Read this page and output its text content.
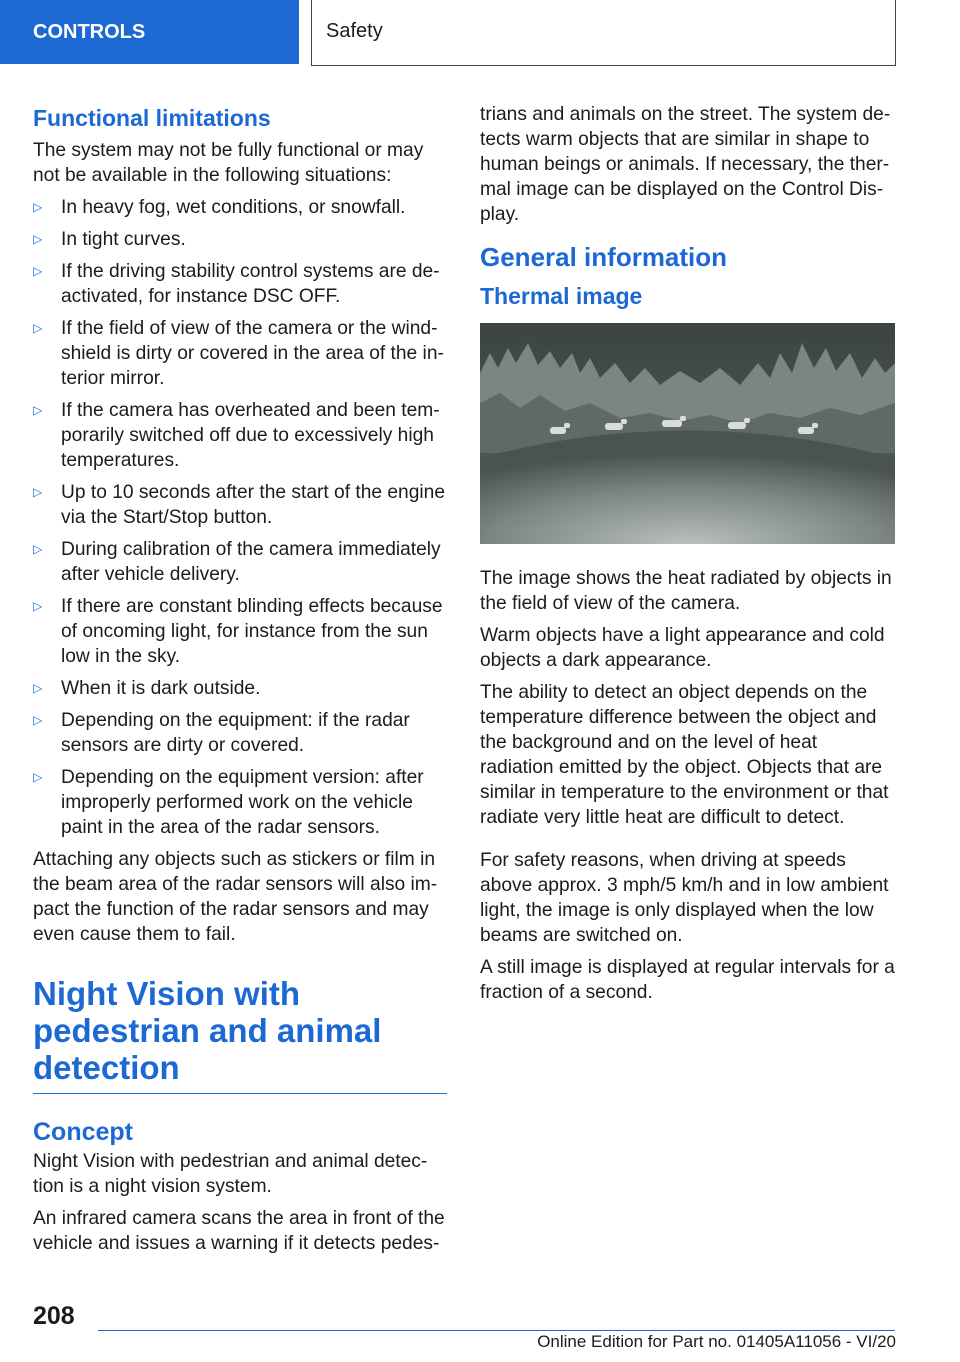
CONTROLS	Safety
Functional limitations

The system may not be fully functional or may not be available in the following situations:

▷ In heavy fog, wet conditions, or snowfall.
▷ In tight curves.
▷ If the driving stability control systems are de‐activated, for instance DSC OFF.
▷ If the field of view of the camera or the wind‐shield is dirty or covered in the area of the in‐terior mirror.
▷ If the camera has overheated and been tem‐porarily switched off due to excessively high temperatures.
▷ Up to 10 seconds after the start of the engine via the Start/Stop button.
▷ During calibration of the camera immediately after vehicle delivery.
▷ If there are constant blinding effects because of oncoming light, for instance from the sun low in the sky.
▷ When it is dark outside.
▷ Depending on the equipment: if the radar sensors are dirty or covered.
▷ Depending on the equipment version: after improperly performed work on the vehicle paint in the area of the radar sensors.

Attaching any objects such as stickers or film in the beam area of the radar sensors will also im‐pact the function of the radar sensors and may even cause them to fail.

Night Vision with pedestrian and animal detection
Concept

Night Vision with pedestrian and animal detec‐tion is a night vision system.

An infrared camera scans the area in front of the vehicle and issues a warning if it detects pedes‐

trians and animals on the street. The system de‐tects warm objects that are similar in shape to human beings or animals. If necessary, the ther‐mal image can be displayed on the Control Dis‐play.

General information
Thermal image

The image shows the heat radiated by objects in the field of view of the camera.

Warm objects have a light appearance and cold objects a dark appearance.

The ability to detect an object depends on the temperature difference between the object and the background and on the level of heat radiation emitted by the object. Objects that are similar in temperature to the environment or that radiate very little heat are difficult to detect.

For safety reasons, when driving at speeds above approx. 3 mph/5 km/h and in low ambient light, the image is only displayed when the low beams are switched on.

A still image is displayed at regular intervals for a fraction of a second.

208
Online Edition for Part no. 01405A11056 - VI/20
